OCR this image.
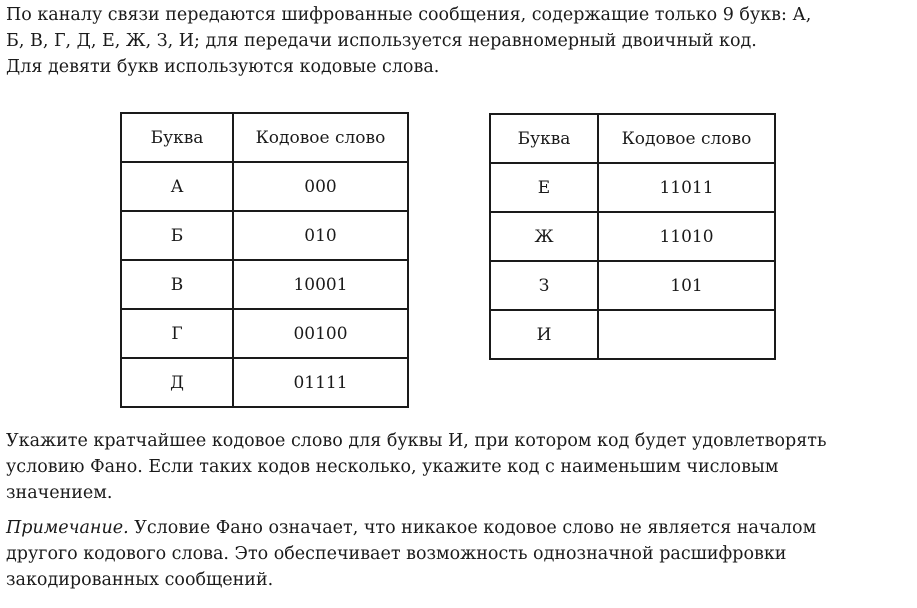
По каналу связи передаются шифрованные сообщения, содержащие только 9 букв: А,
Б, В, Г, Д, Е, Ж, З, И; для передачи используется неравномерный двоичный код.
Для девяти букв используются кодовые слова.
Буква	Кодовое слово
А	000
Б	010
В	10001
Г	00100
Д	01111
Буква	Кодовое слово
Е	11011
Ж	11010
З	101
И	
Укажите кратчайшее кодовое слово для буквы И, при котором код будет удовлетворять
условию Фано. Если таких кодов несколько, укажите код с наименьшим числовым
значением.
Примечание. Условие Фано означает, что никакое кодовое слово не является началом
другого кодового слова. Это обеспечивает возможность однозначной расшифровки
закодированных сообщений.
